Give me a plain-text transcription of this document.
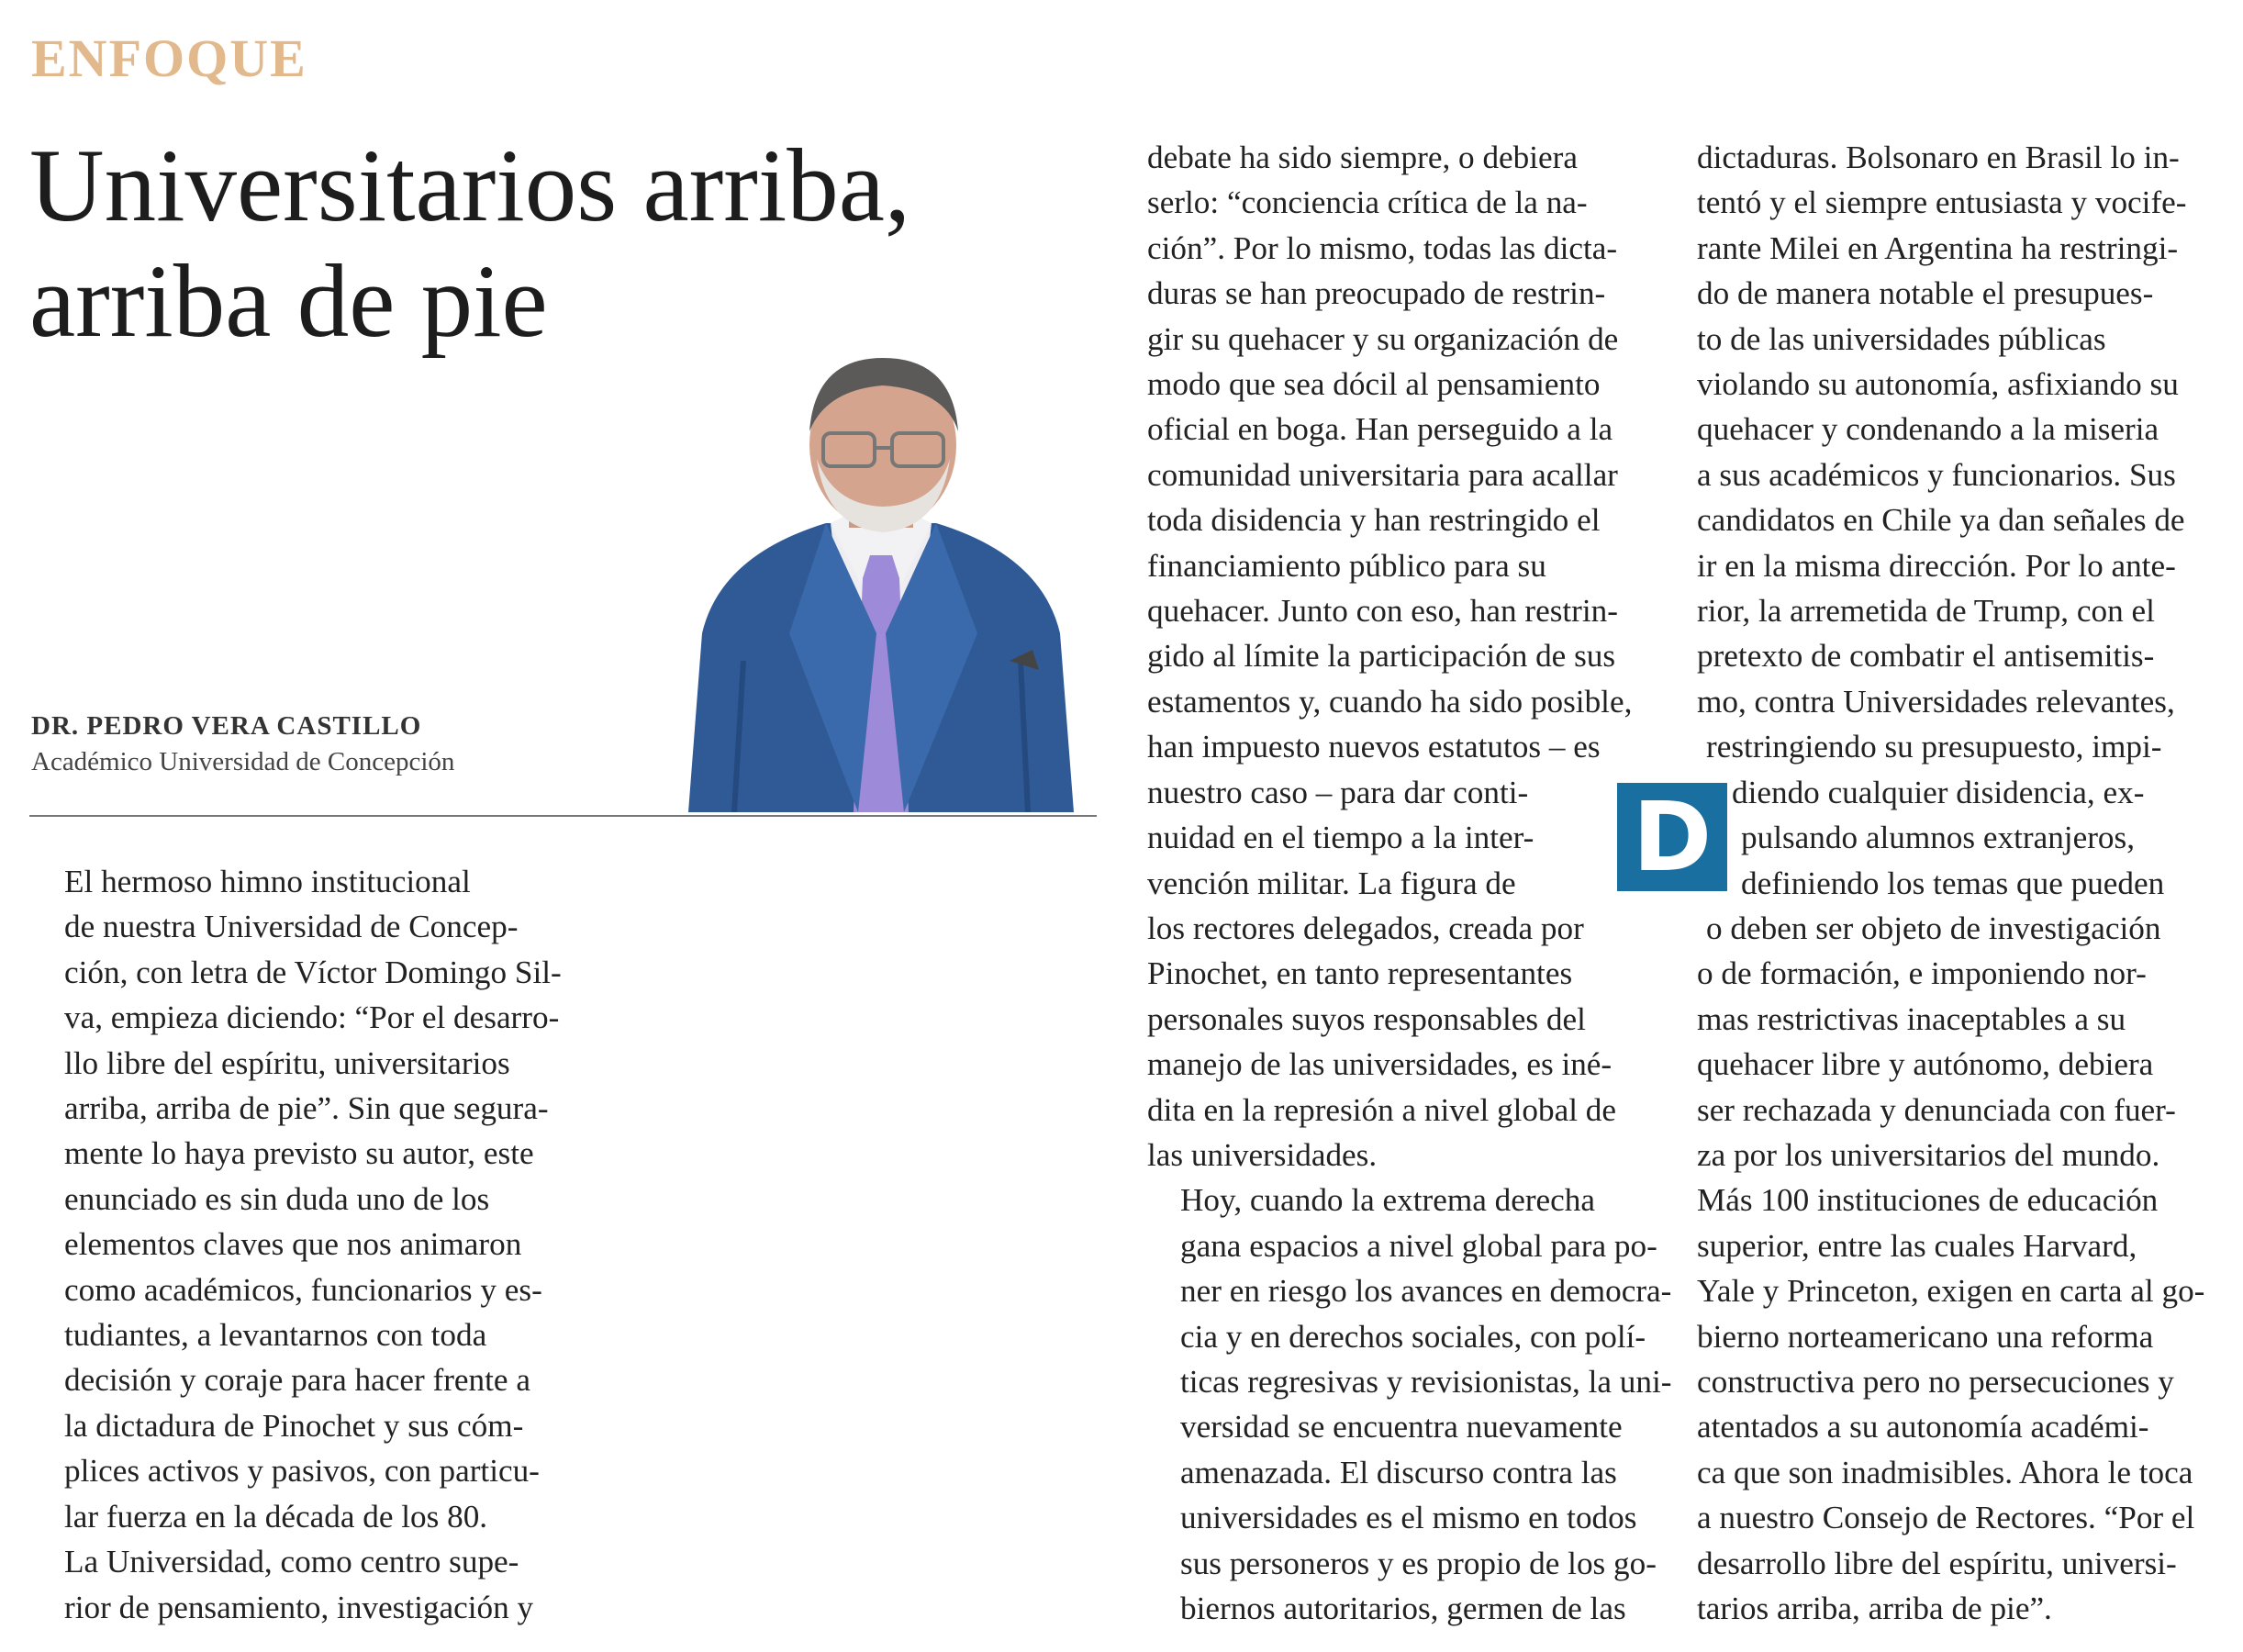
ENFOQUE
Universitarios arriba,
arriba de pie
DR. PEDRO VERA CASTILLO
Académico Universidad de Concepción

El hermoso himno institucional
de nuestra Universidad de Concep-
ción, con letra de Víctor Domingo Sil-
va, empieza diciendo: “Por el desarro-
llo libre del espíritu, universitarios
arriba, arriba de pie”. Sin que segura-
mente lo haya previsto su autor, este
enunciado es sin duda uno de los
elementos claves que nos animaron
como académicos, funcionarios y es-
tudiantes, a levantarnos con toda
decisión y coraje para hacer frente a
la dictadura de Pinochet y sus cóm-
plices activos y pasivos, con particu-
lar fuerza en la década de los 80.

La Universidad, como centro supe-
rior de pensamiento, investigación y

debate ha sido siempre, o debiera
serlo: “conciencia crítica de la na-
ción”. Por lo mismo, todas las dicta-
duras se han preocupado de restrin-
gir su quehacer y su organización de
modo que sea dócil al pensamiento
oficial en boga. Han perseguido a la
comunidad universitaria para acallar
toda disidencia y han restringido el
financiamiento público para su
quehacer. Junto con eso, han restrin-
gido al límite la participación de sus
estamentos y, cuando ha sido posible,
han impuesto nuevos estatutos – es
nuestro caso – para dar conti-
nuidad en el tiempo a la inter-
vención militar. La figura de
los rectores delegados, creada por
Pinochet, en tanto representantes
personales suyos responsables del
manejo de las universidades, es iné-
dita en la represión a nivel global de
las universidades.

Hoy, cuando la extrema derecha
gana espacios a nivel global para po-
ner en riesgo los avances en democra-
cia y en derechos sociales, con polí-
ticas regresivas y revisionistas, la uni-
versidad se encuentra nuevamente
amenazada. El discurso contra las
universidades es el mismo en todos
sus personeros y es propio de los go-
biernos autoritarios, germen de las

D

dictaduras. Bolsonaro en Brasil lo in-
tentó y el siempre entusiasta y vocife-
rante Milei en Argentina ha restringi-
do de manera notable el presupues-
to de las universidades públicas
violando su autonomía, asfixiando su
quehacer y condenando a la miseria
a sus académicos y funcionarios. Sus
candidatos en Chile ya dan señales de
ir en la misma dirección. Por lo ante-
rior, la arremetida de Trump, con el
pretexto de combatir el antisemitis-
mo, contra Universidades relevantes,
restringiendo su presupuesto, impi-
diendo cualquier disidencia, ex-
pulsando alumnos extranjeros,
definiendo los temas que pueden
o deben ser objeto de investigación
o de formación, e imponiendo nor-
mas restrictivas inaceptables a su
quehacer libre y autónomo, debiera
ser rechazada y denunciada con fuer-
za por los universitarios del mundo.
Más 100 instituciones de educación
superior, entre las cuales Harvard,
Yale y Princeton, exigen en carta al go-
bierno norteamericano una reforma
constructiva pero no persecuciones y
atentados a su autonomía académi-
ca que son inadmisibles. Ahora le toca
a nuestro Consejo de Rectores. “Por el
desarrollo libre del espíritu, universi-
tarios arriba, arriba de pie”.
